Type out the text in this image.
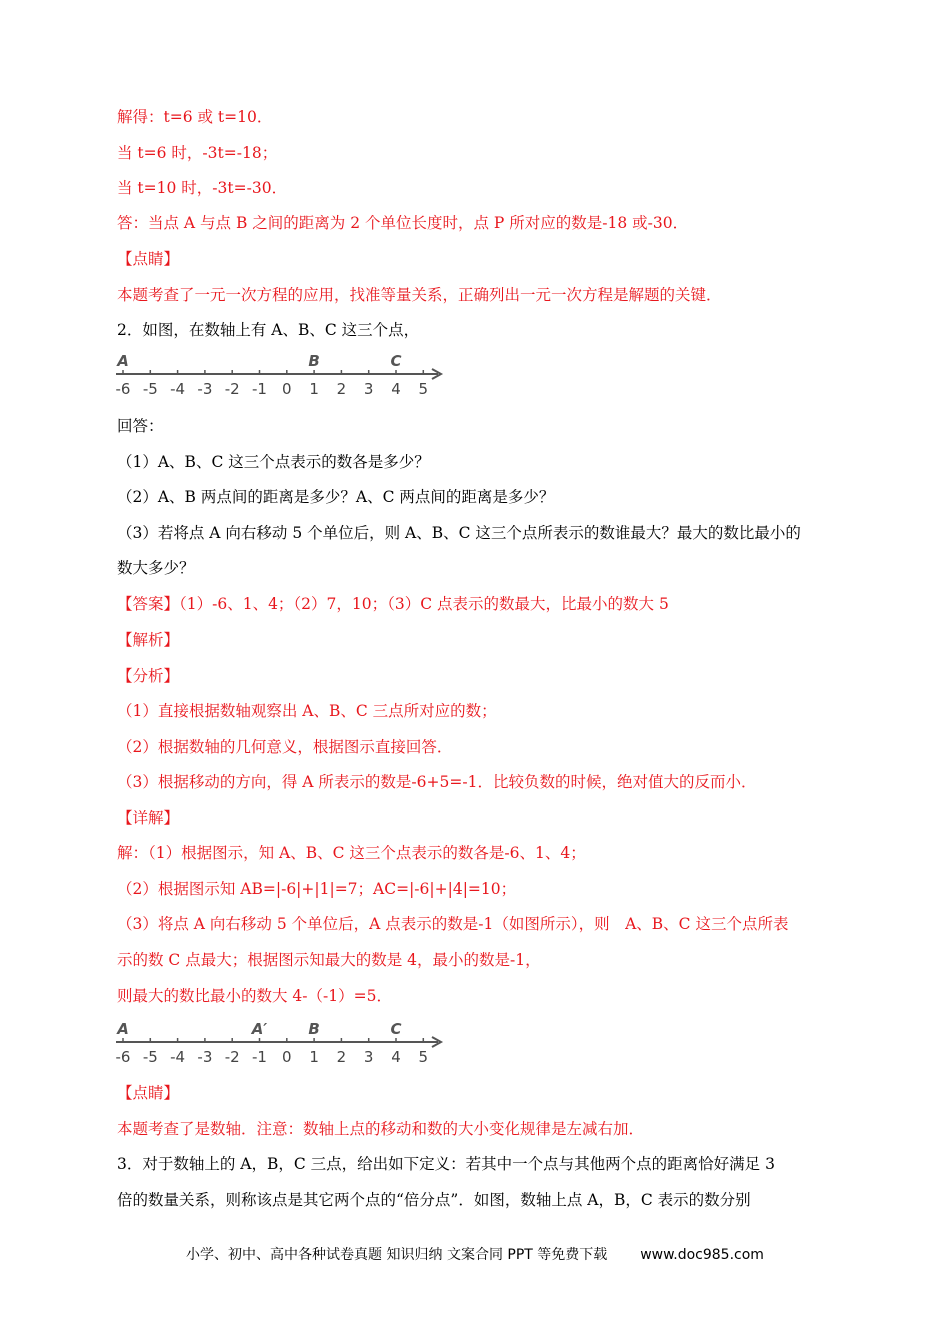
解得：t=6 或 t=10．
当 t=6 时，-3t=-18；
当 t=10 时，-3t=-30．
答：当点 A 与点 B 之间的距离为 2 个单位长度时，点 P 所对应的数是-18 或-30．
【点睛】
本题考查了一元一次方程的应用，找准等量关系，正确列出一元一次方程是解题的关键．
2．如图，在数轴上有 A、B、C 这三个点，
回答：
（1）A、B、C 这三个点表示的数各是多少？
（2）A、B 两点间的距离是多少？A、C 两点间的距离是多少？
（3）若将点 A 向右移动 5 个单位后，则 A、B、C 这三个点所表示的数谁最大？最大的数比最小的
数大多少？
【答案】（1）-6、1、4；（2）7，10；（3）C 点表示的数最大，比最小的数大 5
【解析】
【分析】
（1）直接根据数轴观察出 A、B、C 三点所对应的数；
（2）根据数轴的几何意义，根据图示直接回答．
（3）根据移动的方向，得 A 所表示的数是-6+5=-1．比较负数的时候，绝对值大的反而小．
【详解】
解：（1）根据图示，知 A、B、C 这三个点表示的数各是-6、1、4；
（2）根据图示知 AB=|-6|+|1|=7；AC=|-6|+|4|=10；
（3）将点 A 向右移动 5 个单位后，A 点表示的数是-1（如图所示），则　A、B、C 这三个点所表
示的数 C 点最大；根据图示知最大的数是 4，最小的数是-1，
则最大的数比最小的数大 4-（-1）=5．
【点睛】
本题考查了是数轴．注意：数轴上点的移动和数的大小变化规律是左减右加．
3．对于数轴上的 A，B，C 三点，给出如下定义：若其中一个点与其他两个点的距离恰好满足 3
倍的数量关系，则称该点是其它两个点的“倍分点”．如图，数轴上点 A，B，C 表示的数分别
-6 -5 -4 -3 -2 -1 0 1 2 3 4 5
A	B	C
-6 -5 -4 -3 -2 -1 0 1 2 3 4 5
A	A′	B	C
小学、初中、高中各种试卷真题 知识归纳 文案合同 PPT 等免费下载 www.doc985.com
